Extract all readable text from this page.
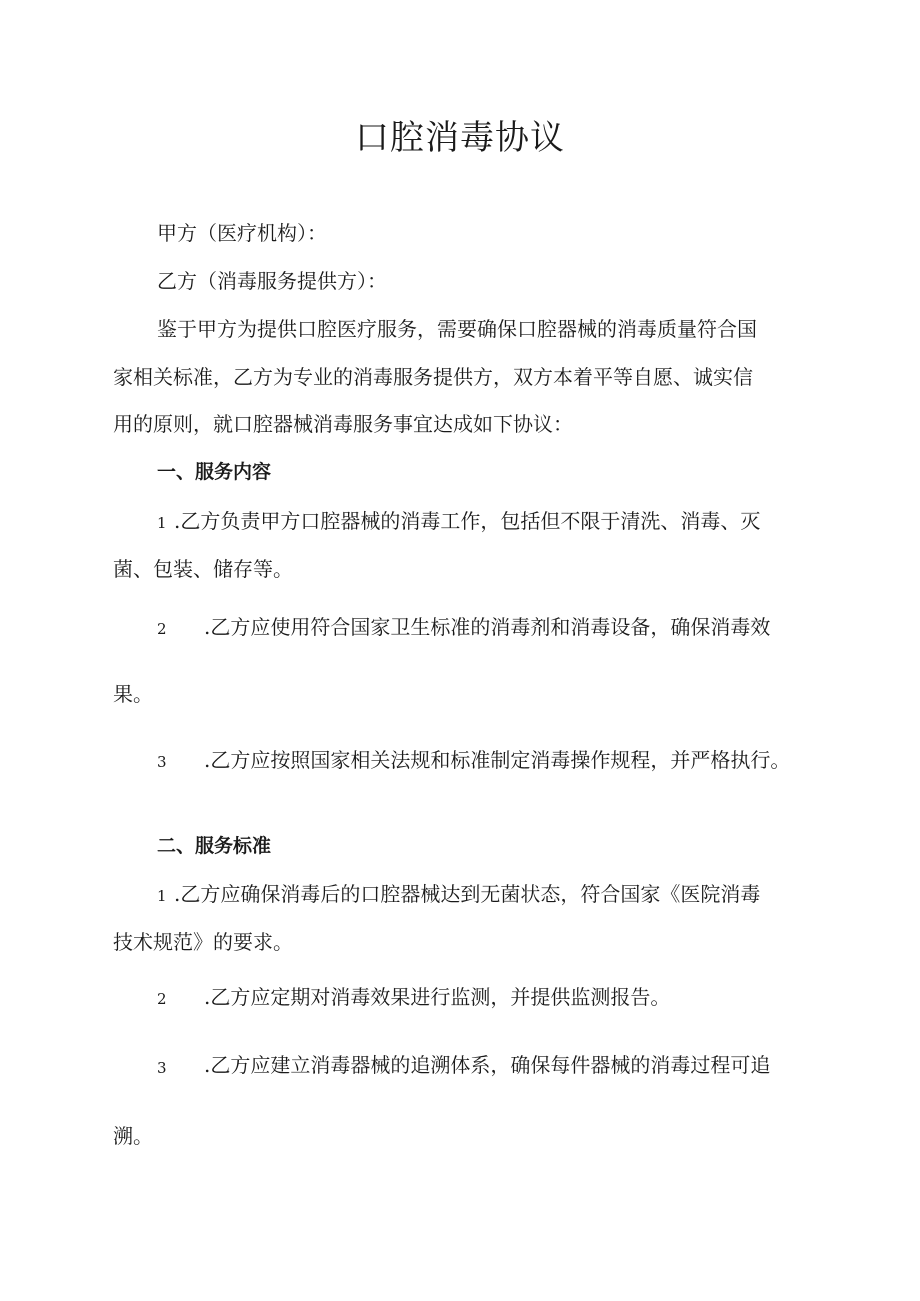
口腔消毒协议

甲方（医疗机构）：

乙方（消毒服务提供方）：

鉴于甲方为提供口腔医疗服务，需要确保口腔器械的消毒质量符合国

家相关标准，乙方为专业的消毒服务提供方，双方本着平等自愿、诚实信

用的原则，就口腔器械消毒服务事宜达成如下协议：

一、服务内容

1 .乙方负责甲方口腔器械的消毒工作，包括但不限于清洗、消毒、灭

菌、包装、储存等。

2 .乙方应使用符合国家卫生标准的消毒剂和消毒设备，确保消毒效

果。

3 .乙方应按照国家相关法规和标准制定消毒操作规程，并严格执行。

二、服务标准

1 .乙方应确保消毒后的口腔器械达到无菌状态，符合国家《医院消毒

技术规范》的要求。

2 .乙方应定期对消毒效果进行监测，并提供监测报告。
3 .乙方应建立消毒器械的追溯体系，确保每件器械的消毒过程可追

溯。
